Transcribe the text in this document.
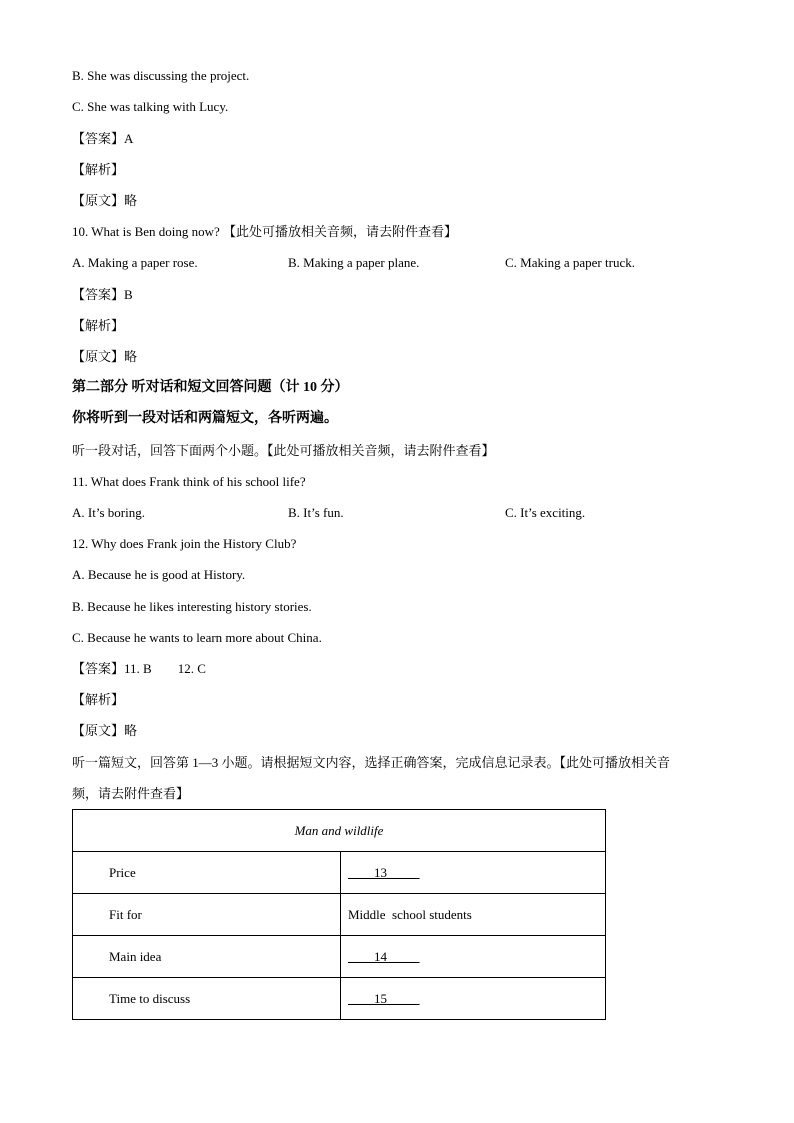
B. She was discussing the project.
C. She was talking with Lucy.
【答案】A
【解析】
【原文】略
10. What is Ben doing now? 【此处可播放相关音频，请去附件查看】
A. Making a paper rose.	B. Making a paper plane.	C. Making a paper truck.
【答案】B
【解析】
【原文】略
第二部分 听对话和短文回答问题（计 10 分）
你将听到一段对话和两篇短文，各听两遍。
听一段对话，回答下面两个小题。【此处可播放相关音频，请去附件查看】
11. What does Frank think of his school life?
A. It’s boring.	B. It’s fun.	C. It’s exciting.
12. Why does Frank join the History Club?
A. Because he is good at History.
B. Because he likes interesting history stories.
C. Because he wants to learn more about China.
【答案】11. B        12. C
【解析】
【原文】略
听一篇短文，回答第 1—3 小题。请根据短文内容，选择正确答案，完成信息记录表。【此处可播放相关音
频，请去附件查看】
Man and wildlife	
Price	____13_____
Fit for	Middle  school students
Main idea	____14_____
Time to discuss	____15_____
